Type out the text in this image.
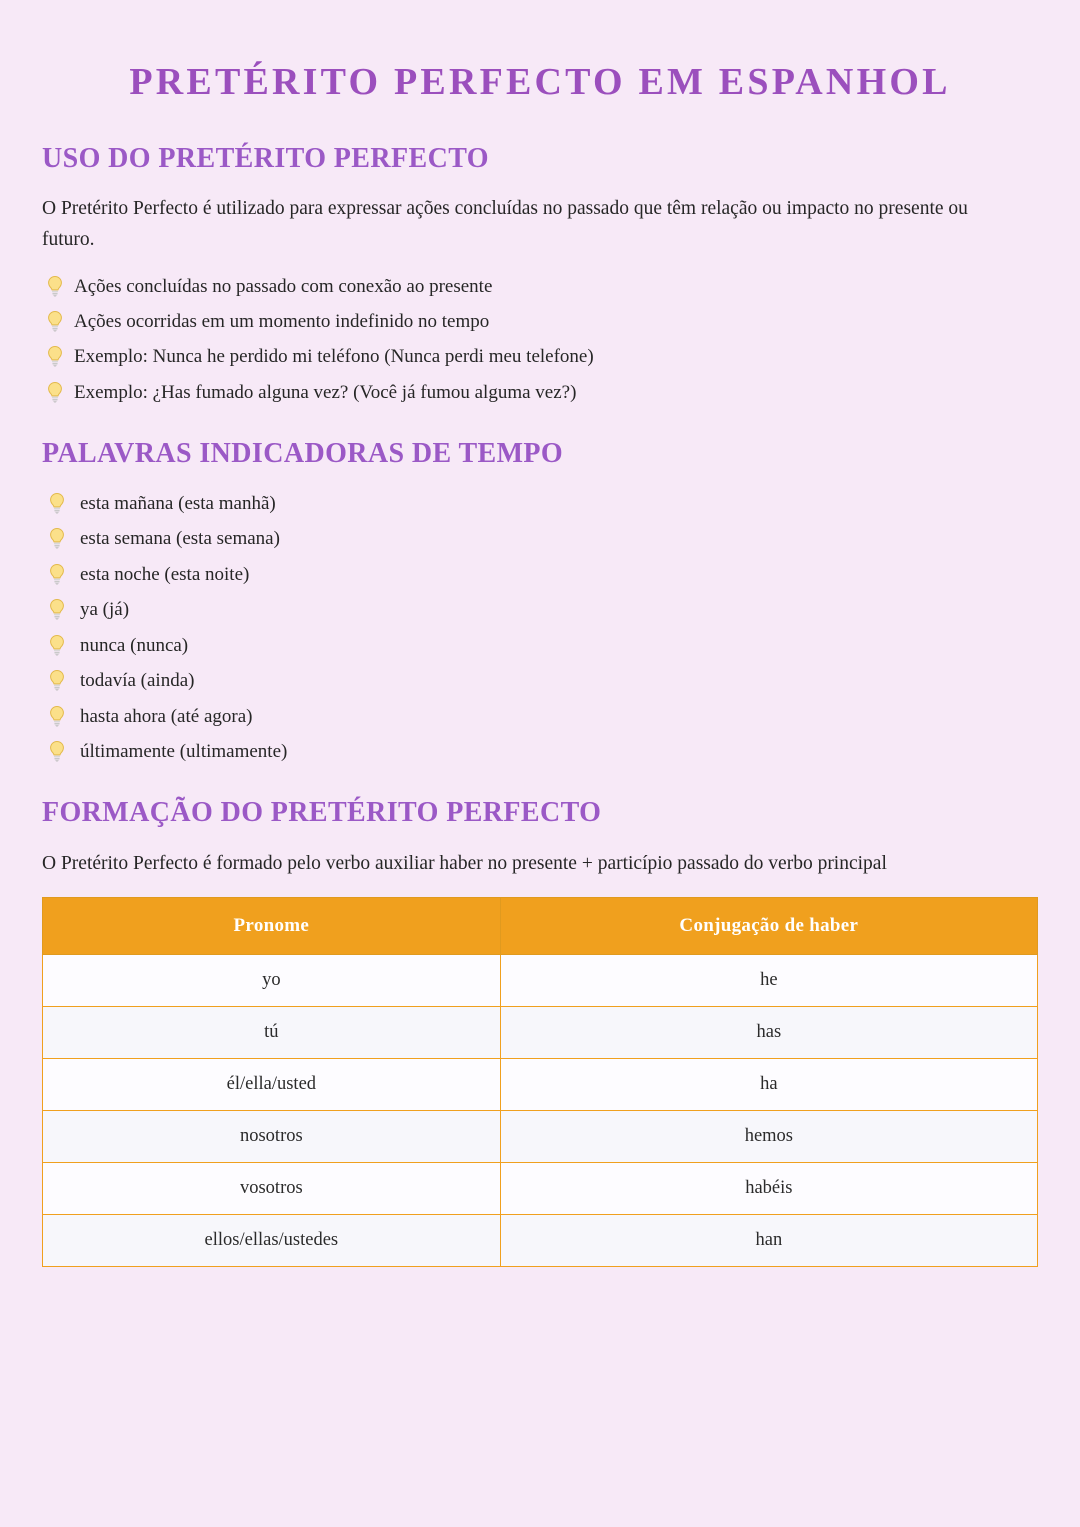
PRETÉRITO PERFECTO EM ESPANHOL
USO DO PRETÉRITO PERFECTO

O Pretérito Perfecto é utilizado para expressar ações concluídas no passado que têm relação ou impacto no presente ou futuro.

Ações concluídas no passado com conexão ao presente
Ações ocorridas em um momento indefinido no tempo
Exemplo: Nunca he perdido mi teléfono (Nunca perdi meu telefone)
Exemplo: ¿Has fumado alguna vez? (Você já fumou alguma vez?)
PALAVRAS INDICADORAS DE TEMPO
esta mañana (esta manhã)
esta semana (esta semana)
esta noche (esta noite)
ya (já)
nunca (nunca)
todavía (ainda)
hasta ahora (até agora)
últimamente (ultimamente)
FORMAÇÃO DO PRETÉRITO PERFECTO

O Pretérito Perfecto é formado pelo verbo auxiliar haber no presente + particípio passado do verbo principal

Pronome	Conjugação de haber
yo	he
tú	has
él/ella/usted	ha
nosotros	hemos
vosotros	habéis
ellos/ellas/ustedes	han
